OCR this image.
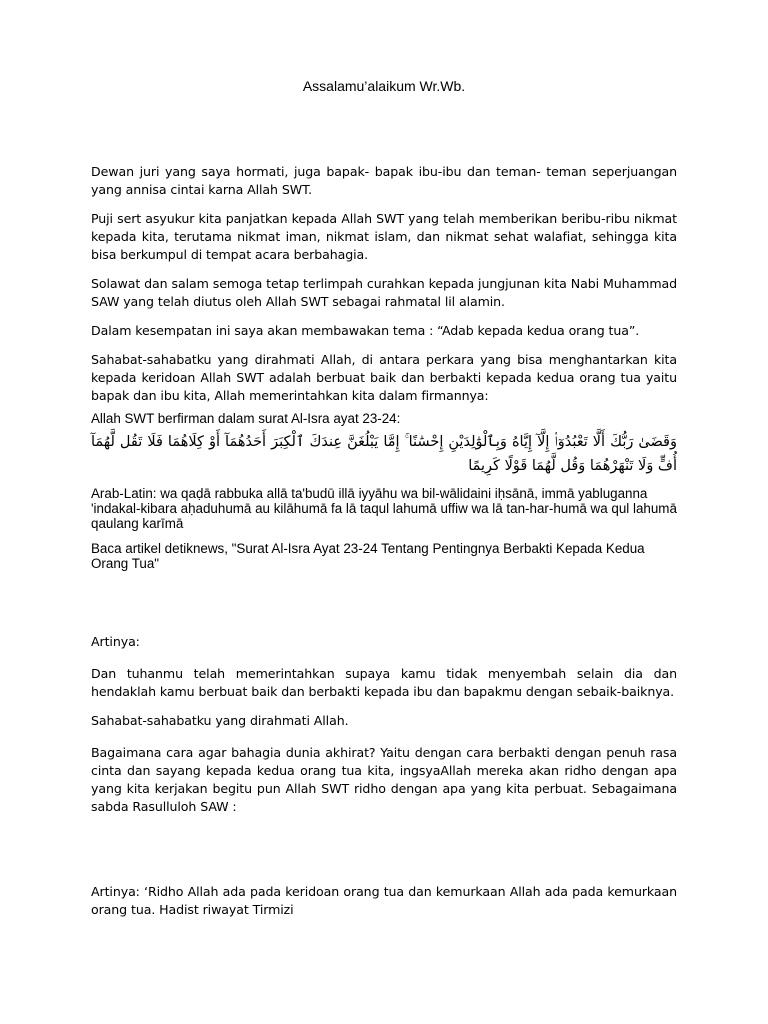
Assalamu’alaikum Wr.Wb.

Dewan juri yang saya hormati, juga bapak- bapak ibu-ibu dan teman- teman seperjuangan yang annisa cintai karna Allah SWT.

Puji sert asyukur kita panjatkan kepada Allah SWT yang telah memberikan beribu-ribu nikmat kepada kita, terutama nikmat iman, nikmat islam, dan nikmat sehat walafiat, sehingga kita bisa berkumpul di tempat acara berbahagia.

Solawat dan salam semoga tetap terlimpah curahkan kepada jungjunan kita Nabi Muhammad SAW yang telah diutus oleh Allah SWT sebagai rahmatal lil alamin.

Dalam kesempatan ini saya akan membawakan tema : “Adab kepada kedua orang tua”.

Sahabat-sahabatku yang dirahmati Allah, di antara perkara yang bisa menghantarkan kita kepada keridoan Allah SWT adalah berbuat baik dan berbakti kepada kedua orang tua yaitu bapak dan ibu kita, Allah memerintahkan kita dalam firmannya:

Allah SWT berfirman dalam surat Al-Isra ayat 23-24:

وَقَضَىٰ رَبُّكَ أَلَّا تَعْبُدُوٓا۟ إِلَّآ إِيَّاهُ وَبِٱلْوَٰلِدَيْنِ إِحْسَٰنًا ۚ إِمَّا يَبْلُغَنَّ عِندَكَ ٱلْكِبَرَ أَحَدُهُمَآ أَوْ كِلَاهُمَا فَلَا تَقُل لَّهُمَآ أُفٍّ وَلَا تَنْهَرْهُمَا وَقُل لَّهُمَا قَوْلًا كَرِيمًا

Arab-Latin: wa qaḍā rabbuka allā ta'budū illā iyyāhu wa bil-wālidaini iḥsānā, immā yabluganna 'indakal-kibara aḥaduhumā au kilāhumā fa lā taqul lahumā uffiw wa lā tan-har-humā wa qul lahumā qaulang karīmā

Baca artikel detiknews, "Surat Al-Isra Ayat 23-24 Tentang Pentingnya Berbakti Kepada Kedua Orang Tua"

Artinya:

Dan tuhanmu telah memerintahkan supaya kamu tidak menyembah selain dia dan hendaklah kamu berbuat baik dan berbakti kepada ibu dan bapakmu dengan sebaik-baiknya.

Sahabat-sahabatku yang dirahmati Allah.

Bagaimana cara agar bahagia dunia akhirat? Yaitu dengan cara berbakti dengan penuh rasa cinta dan sayang kepada kedua orang tua kita, ingsyaAllah mereka akan ridho dengan apa yang kita kerjakan begitu pun Allah SWT ridho dengan apa yang kita perbuat. Sebagaimana sabda Rasulluloh SAW :

Artinya: ‘Ridho Allah ada pada keridoan orang tua dan kemurkaan Allah ada pada kemurkaan orang tua. Hadist riwayat Tirmizi
